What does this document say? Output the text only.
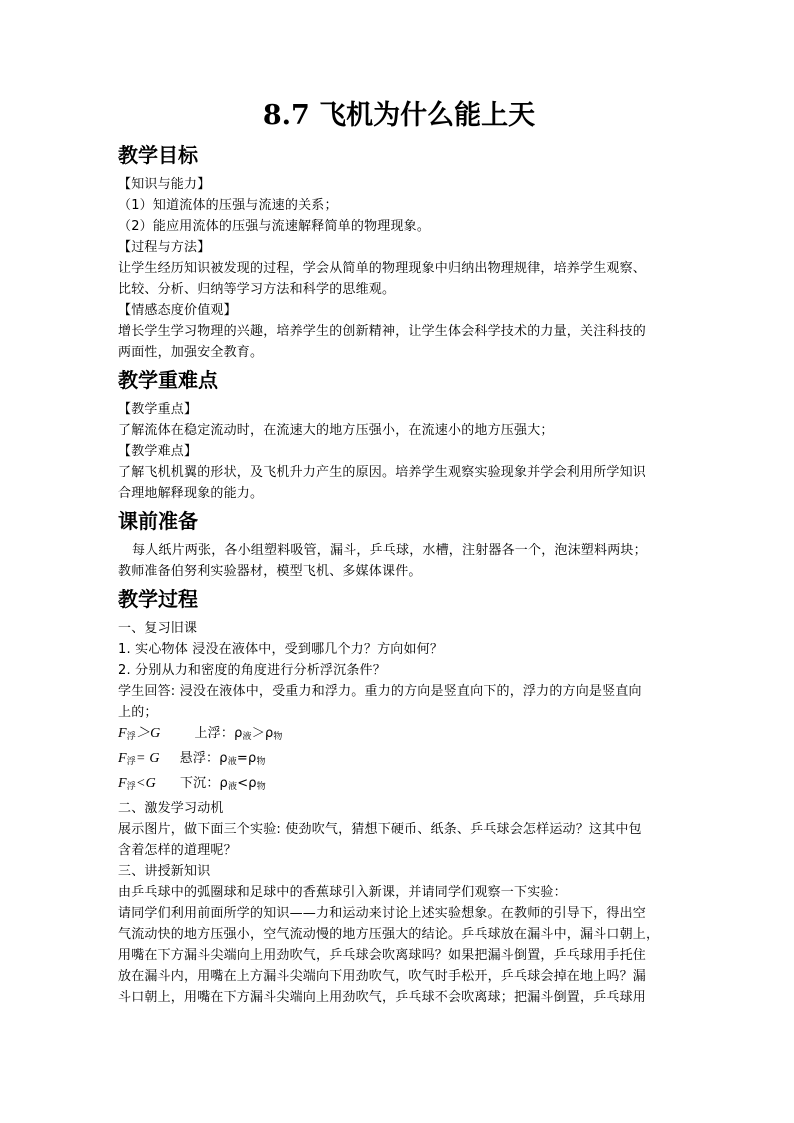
8.7 飞机为什么能上天
教学目标

【知识与能力】

（1）知道流体的压强与流速的关系；

（2）能应用流体的压强与流速解释简单的物理现象。

【过程与方法】

让学生经历知识被发现的过程，学会从简单的物理现象中归纳出物理规律，培养学生观察、

比较、分析、归纳等学习方法和科学的思维观。

【情感态度价值观】

增长学生学习物理的兴趣，培养学生的创新精神，让学生体会科学技术的力量，关注科技的

两面性，加强安全教育。

教学重难点

【教学重点】

了解流体在稳定流动时，在流速大的地方压强小，在流速小的地方压强大；

【教学难点】

了解飞机机翼的形状，及飞机升力产生的原因。培养学生观察实验现象并学会利用所学知识

合理地解释现象的能力。

课前准备

每人纸片两张，各小组塑料吸管，漏斗，乒乓球，水槽，注射器各一个，泡沫塑料两块；

教师准备伯努利实验器材，模型飞机、多媒体课件。

教学过程

一、复习旧课

1. 实心物体 浸没在液体中，受到哪几个力？方向如何？

2. 分别从力和密度的角度进行分析浮沉条件？

学生回答: 浸没在液体中，受重力和浮力。重力的方向是竖直向下的，浮力的方向是竖直向

上的；

$F_浮>G$	上浮：$\rho_液>\rho_物$

$F_浮= G$ 悬浮：$\rho_液=\rho_物$

$F_浮<G$ 下沉：$\rho_液<\rho_物$

二、激发学习动机

展示图片，做下面三个实验: 使劲吹气，猜想下硬币、纸条、乒乓球会怎样运动？这其中包

含着怎样的道理呢？

三、讲授新知识

由乒乓球中的弧圈球和足球中的香蕉球引入新课，并请同学们观察一下实验：

请同学们利用前面所学的知识——力和运动来讨论上述实验想象。在教师的引导下，得出空

气流动快的地方压强小，空气流动慢的地方压强大的结论。乒乓球放在漏斗中，漏斗口朝上，

用嘴在下方漏斗尖端向上用劲吹气，乒乓球会吹离球吗？如果把漏斗倒置，乒乓球用手托住

放在漏斗内，用嘴在上方漏斗尖端向下用劲吹气，吹气时手松开，乒乓球会掉在地上吗？漏

斗口朝上，用嘴在下方漏斗尖端向上用劲吹气，乒乓球不会吹离球；把漏斗倒置，乒乓球用
